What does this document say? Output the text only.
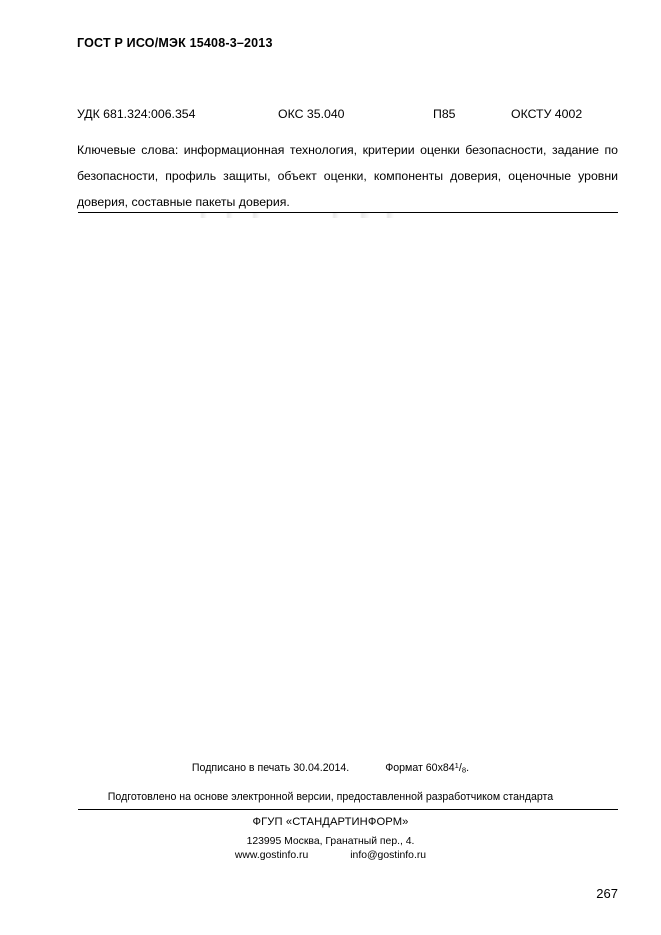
ГОСТ Р ИСО/МЭК 15408-3–2013
УДК 681.324:006.354	ОКС 35.040	П85	ОКСТУ 4002
Ключевые слова: информационная технология, критерии оценки безопасности, задание по безопасности, профиль защиты, объект оценки, компоненты доверия, оценочные уровни доверия, составные пакеты доверия.
Подписано в печать 30.04.2014.	Формат $60x84^1/_8$.
Подготовлено на основе электронной версии, предоставленной разработчиком стандарта
ФГУП «СТАНДАРТИНФОРМ»
123995 Москва, Гранатный пер., 4.
www.gostinfo.ru	info@gostinfo.ru
267
